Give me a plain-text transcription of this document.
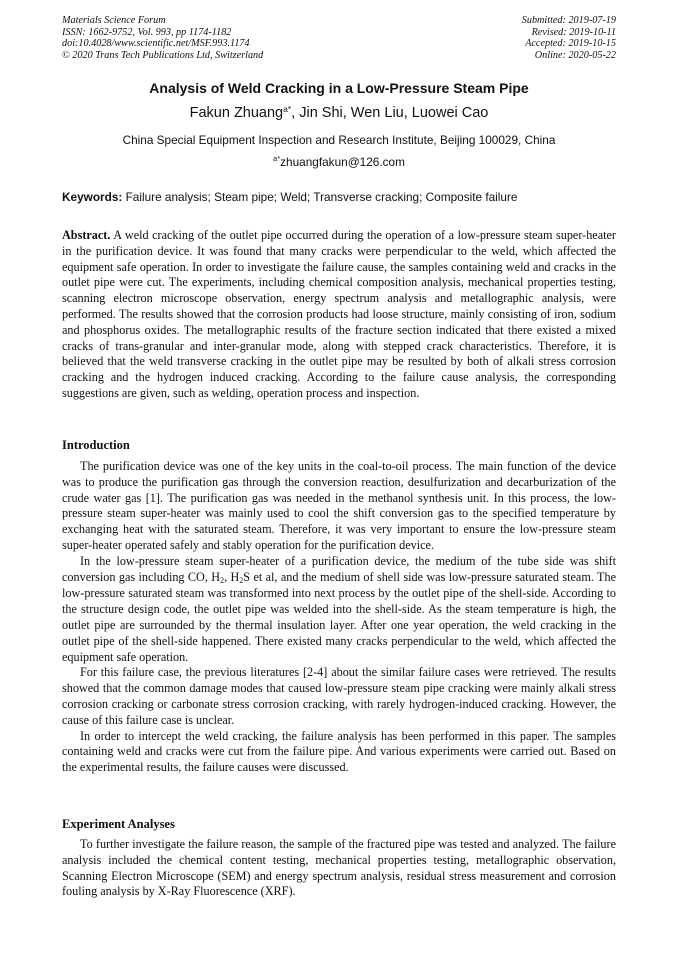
Materials Science Forum
ISSN: 1662-9752, Vol. 993, pp 1174-1182
doi:10.4028/www.scientific.net/MSF.993.1174
© 2020 Trans Tech Publications Ltd, Switzerland
Submitted: 2019-07-19
Revised: 2019-10-11
Accepted: 2019-10-15
Online: 2020-05-22
Analysis of Weld Cracking in a Low-Pressure Steam Pipe
Fakun Zhuang$^{a*}$, Jin Shi, Wen Liu, Luowei Cao
China Special Equipment Inspection and Research Institute, Beijing 100029, China
$^{a*}$zhuangfakun@126.com
Keywords: Failure analysis; Steam pipe; Weld; Transverse cracking; Composite failure
Abstract. A weld cracking of the outlet pipe occurred during the operation of a low-pressure steam super-heater in the purification device. It was found that many cracks were perpendicular to the weld, which affected the equipment safe operation. In order to investigate the failure cause, the samples containing weld and cracks in the outlet pipe were cut. The experiments, including chemical composition analysis, mechanical properties testing, scanning electron microscope observation, energy spectrum analysis and metallographic analysis, were performed. The results showed that the corrosion products had loose structure, mainly consisting of iron, sodium and phosphorus oxides. The metallographic results of the fracture section indicated that there existed a mixed cracks of trans-granular and inter-granular mode, along with stepped crack characteristics. Therefore, it is believed that the weld transverse cracking in the outlet pipe may be resulted by both of alkali stress corrosion cracking and the hydrogen induced cracking. According to the failure cause analysis, the corresponding suggestions are given, such as welding, operation process and inspection.
Introduction

The purification device was one of the key units in the coal-to-oil process. The main function of the device was to produce the purification gas through the conversion reaction, desulfurization and decarburization of the crude water gas [1]. The purification gas was needed in the methanol synthesis unit. In this process, the low-pressure steam super-heater was mainly used to cool the shift conversion gas to the specified temperature by exchanging heat with the saturated steam. Therefore, it was very important to ensure the low-pressure steam super-heater operated safely and stably operation for the purification device.

In the low-pressure steam super-heater of a purification device, the medium of the tube side was shift conversion gas including CO, $H_2$, $H_2S$ et al, and the medium of shell side was low-pressure saturated steam. The low-pressure saturated steam was transformed into next process by the outlet pipe of the shell-side. According to the structure design code, the outlet pipe was welded into the shell-side. As the steam temperature is high, the outlet pipe are surrounded by the thermal insulation layer. After one year operation, the weld cracking in the outlet pipe of the shell-side happened. There existed many cracks perpendicular to the weld, which affected the equipment safe operation.

For this failure case, the previous literatures [2-4] about the similar failure cases were retrieved. The results showed that the common damage modes that caused low-pressure steam pipe cracking were mainly alkali stress corrosion cracking or carbonate stress corrosion cracking, with rarely hydrogen-induced cracking. However, the cause of this failure case is unclear.

In order to intercept the weld cracking, the failure analysis has been performed in this paper. The samples containing weld and cracks were cut from the failure pipe. And various experiments were carried out. Based on the experimental results, the failure causes were discussed.

Experiment Analyses

To further investigate the failure reason, the sample of the fractured pipe was tested and analyzed. The failure analysis included the chemical content testing, mechanical properties testing, metallographic observation, Scanning Electron Microscope (SEM) and energy spectrum analysis, residual stress measurement and corrosion fouling analysis by X-Ray Fluorescence (XRF).
